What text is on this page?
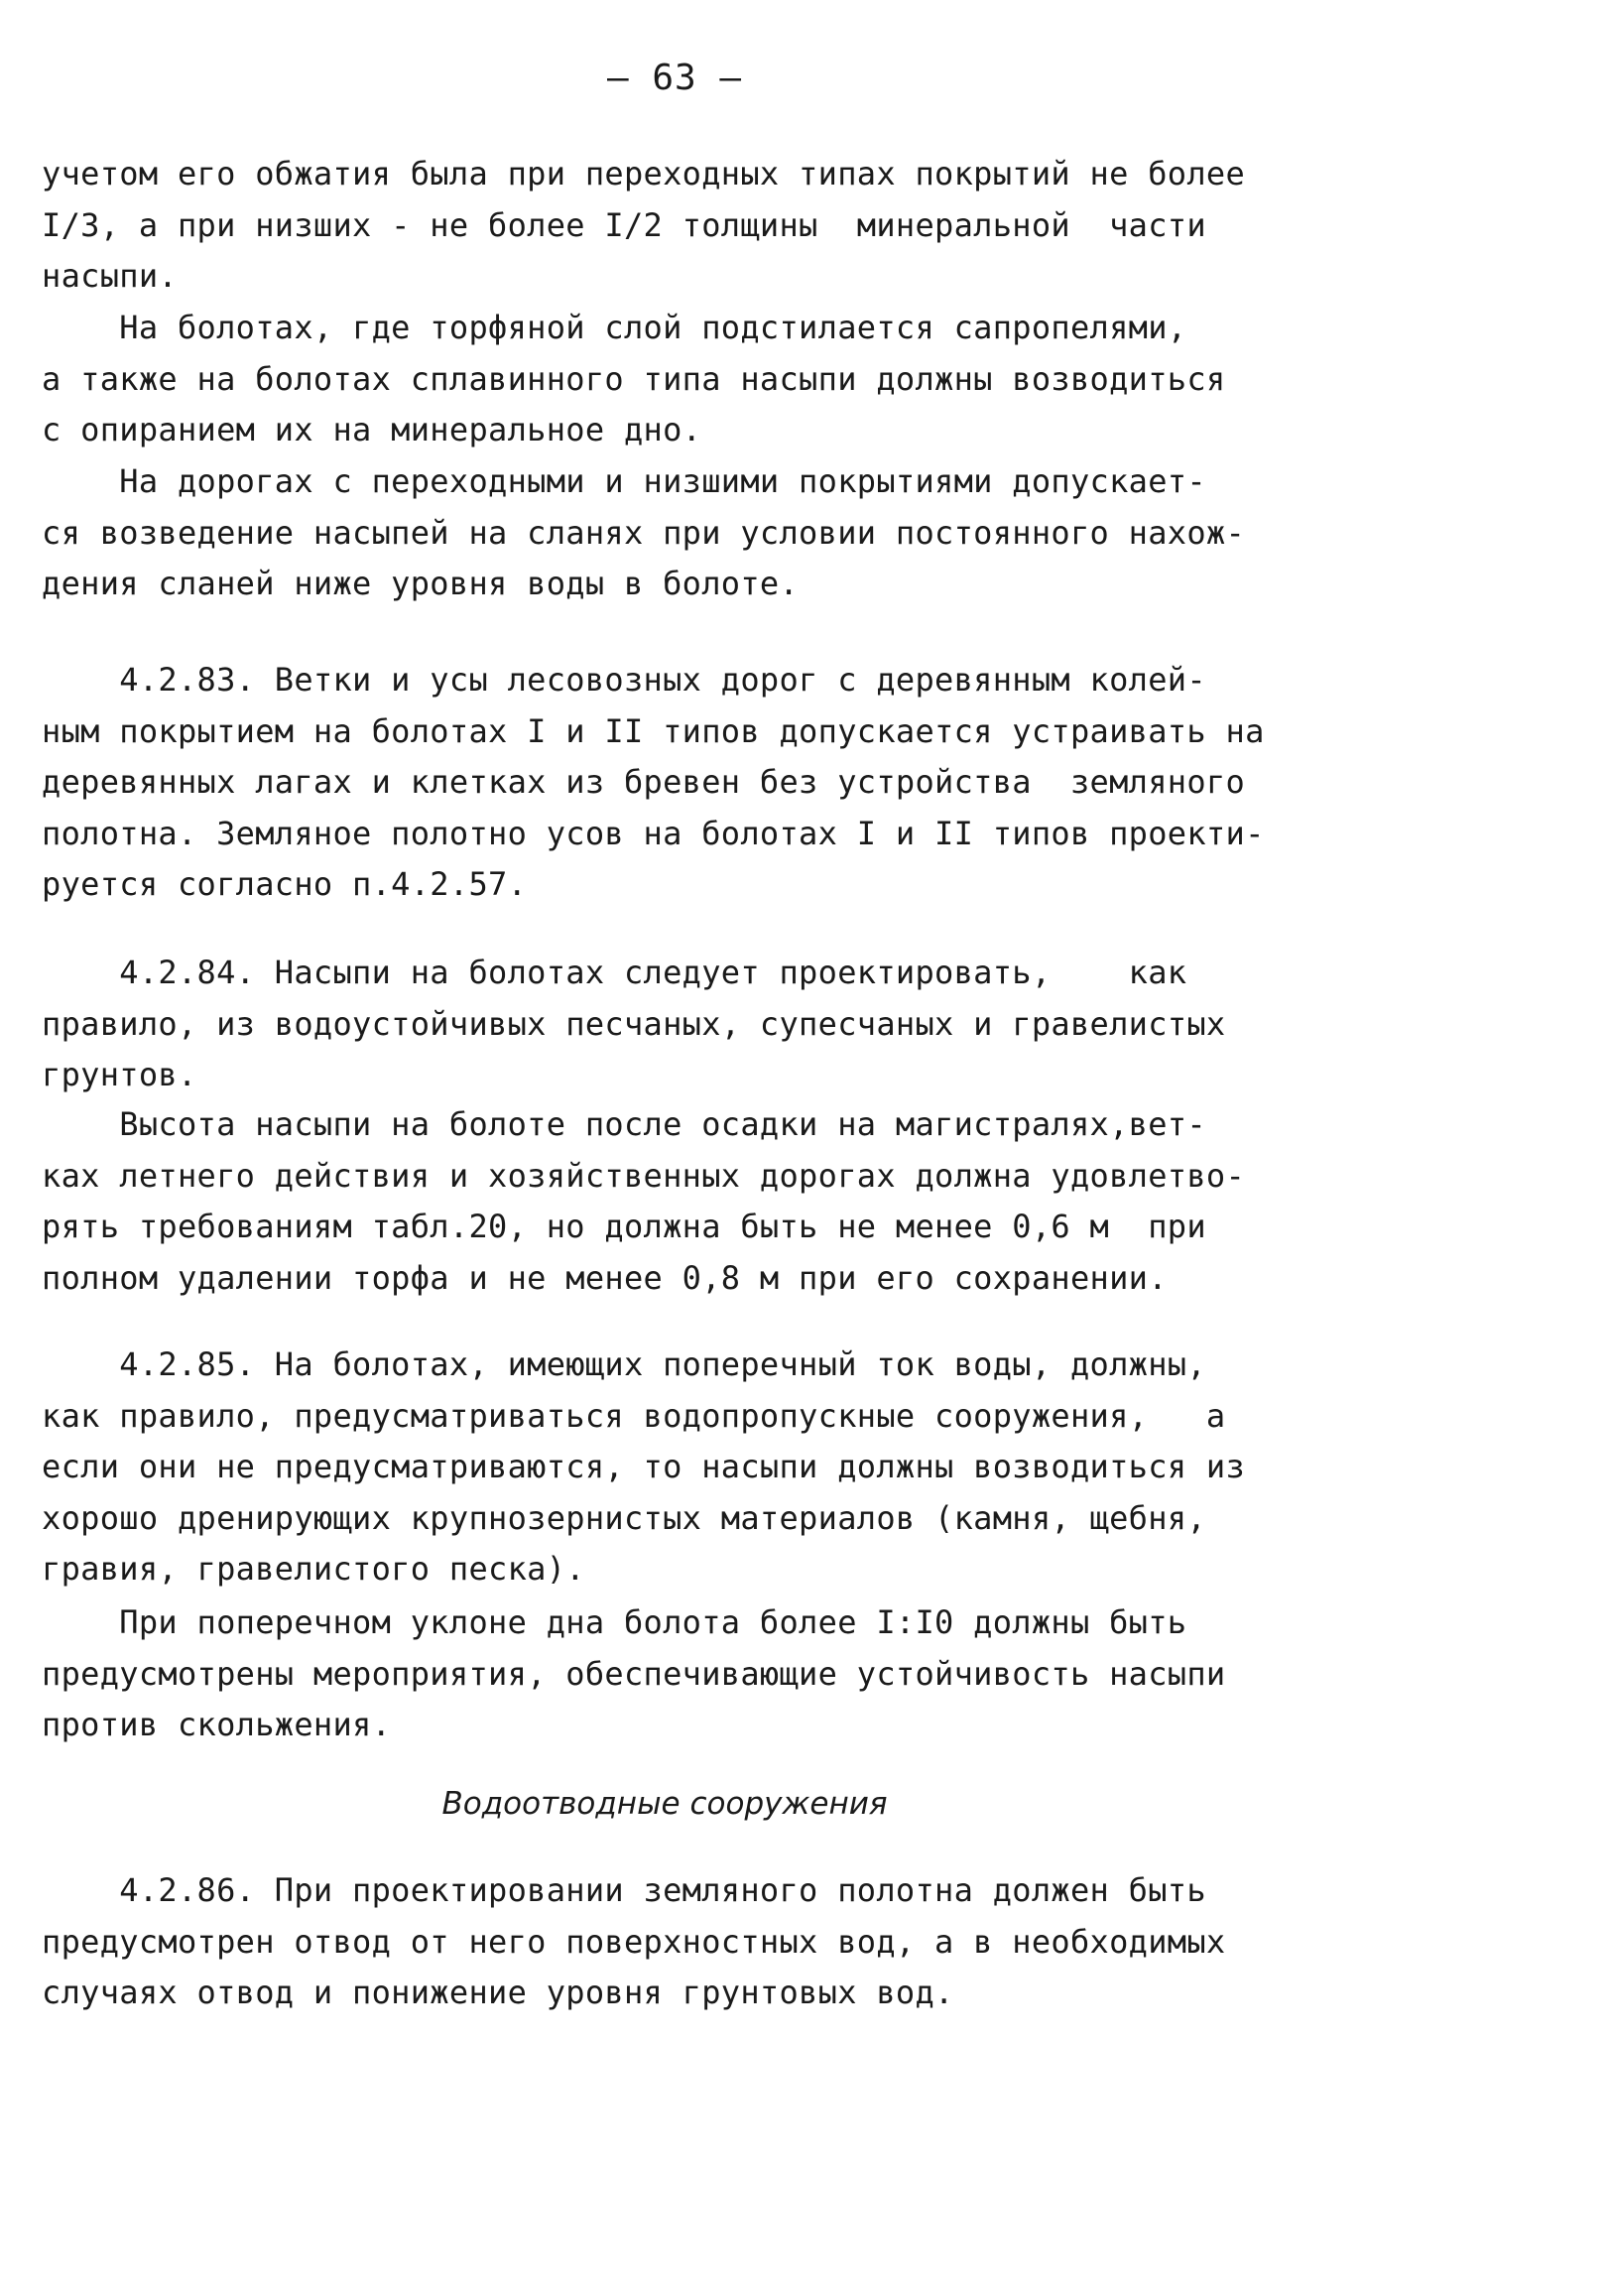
— 63 —
учетом его обжатия была при переходных типах покрытий не более
I/3, а при низших - не более I/2 толщины  минеральной  части
насыпи.
На болотах, где торфяной слой подстилается сапропелями,
а также на болотах сплавинного типа насыпи должны возводиться
с опиранием их на минеральное дно.
На дорогах с переходными и низшими покрытиями допускает-
ся возведение насыпей на сланях при условии постоянного нахож-
дения сланей ниже уровня воды в болоте.
4.2.83. Ветки и усы лесовозных дорог с деревянным колей-
ным покрытием на болотах I и II типов допускается устраивать на
деревянных лагах и клетках из бревен без устройства  земляного
полотна. Земляное полотно усов на болотах I и II типов проекти-
руется согласно п.4.2.57.
4.2.84. Насыпи на болотах следует проектировать,    как
правило, из водоустойчивых песчаных, супесчаных и гравелистых
грунтов.
Высота насыпи на болоте после осадки на магистралях,вет-
ках летнего действия и хозяйственных дорогах должна удовлетво-
рять требованиям табл.20, но должна быть не менее 0,6 м  при
полном удалении торфа и не менее 0,8 м при его сохранении.
4.2.85. На болотах, имеющих поперечный ток воды, должны,
как правило, предусматриваться водопропускные сооружения,   а
если они не предусматриваются, то насыпи должны возводиться из
хорошо дренирующих крупнозернистых материалов (камня, щебня,
гравия, гравелистого песка).
При поперечном уклоне дна болота более I:I0 должны быть
предусмотрены мероприятия, обеспечивающие устойчивость насыпи
против скольжения.
Водоотводные сооружения
4.2.86. При проектировании земляного полотна должен быть
предусмотрен отвод от него поверхностных вод, а в необходимых
случаях отвод и понижение уровня грунтовых вод.
